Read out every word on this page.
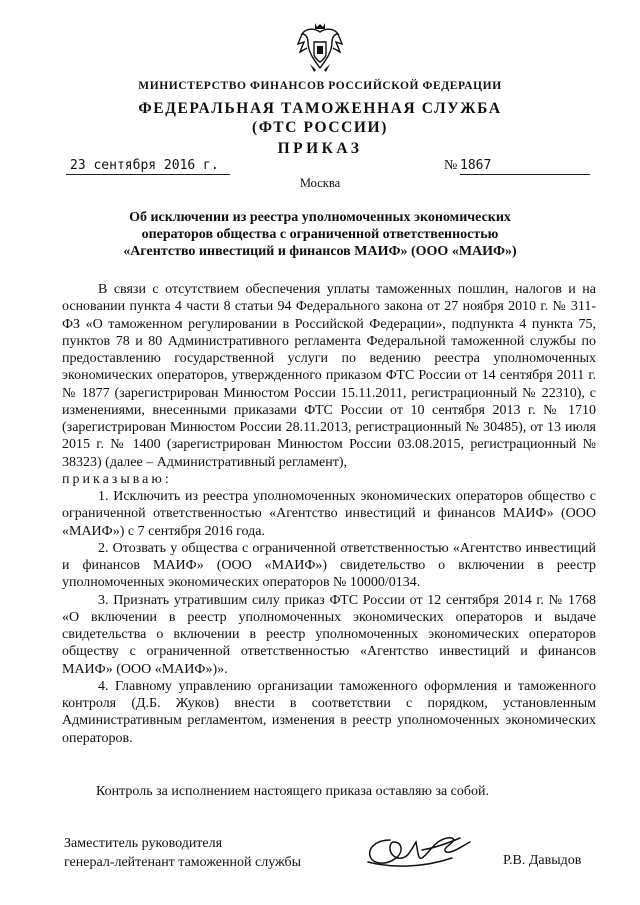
МИНИСТЕРСТВО ФИНАНСОВ РОССИЙСКОЙ ФЕДЕРАЦИИ
ФЕДЕРАЛЬНАЯ ТАМОЖЕННАЯ СЛУЖБА
(ФТС РОССИИ)
ПРИКАЗ
23 сентября 2016 г.	№ 1867
Москва
Об исключении из реестра уполномоченных экономических
операторов общества с ограниченной ответственностью
«Агентство инвестиций и финансов МАИФ» (ООО «МАИФ»)

В связи с отсутствием обеспечения уплаты таможенных пошлин, налогов и на основании пункта 4 части 8 статьи 94 Федерального закона от 27 ноября 2010 г. № 311-ФЗ «О таможенном регулировании в Российской Федерации», подпункта 4 пункта 75, пунктов 78 и 80 Административного регламента Федеральной таможенной службы по предоставлению государственной услуги по ведению реестра уполномоченных экономических операторов, утвержденного приказом ФТС России от 14 сентября 2011 г. № 1877 (зарегистрирован Минюстом России 15.11.2011, регистрационный № 22310), с изменениями, внесенными приказами ФТС России от 10 сентября 2013 г. № 1710 (зарегистрирован Минюстом России 28.11.2013, регистрационный № 30485), от 13 июля 2015 г. № 1400 (зарегистрирован Минюстом России 03.08.2015, регистрационный № 38323) (далее – Административный регламент),

приказываю:

1. Исключить из реестра уполномоченных экономических операторов общество с ограниченной ответственностью «Агентство инвестиций и финансов МАИФ» (ООО «МАИФ») с 7 сентября 2016 года.

2. Отозвать у общества с ограниченной ответственностью «Агентство инвестиций и финансов МАИФ» (ООО «МАИФ») свидетельство о включении в реестр уполномоченных экономических операторов № 10000/0134.

3. Признать утратившим силу приказ ФТС России от 12 сентября 2014 г. № 1768 «О включении в реестр уполномоченных экономических операторов и выдаче свидетельства о включении в реестр уполномоченных экономических операторов обществу с ограниченной ответственностью «Агентство инвестиций и финансов МАИФ» (ООО «МАИФ»)».

4. Главному управлению организации таможенного оформления и таможенного контроля (Д.Б. Жуков) внести в соответствии с порядком, установленным Административным регламентом, изменения в реестр уполномоченных экономических операторов.

Контроль за исполнением настоящего приказа оставляю за собой.
Заместитель руководителя
генерал-лейтенант таможенной службы	Р.В. Давыдов
